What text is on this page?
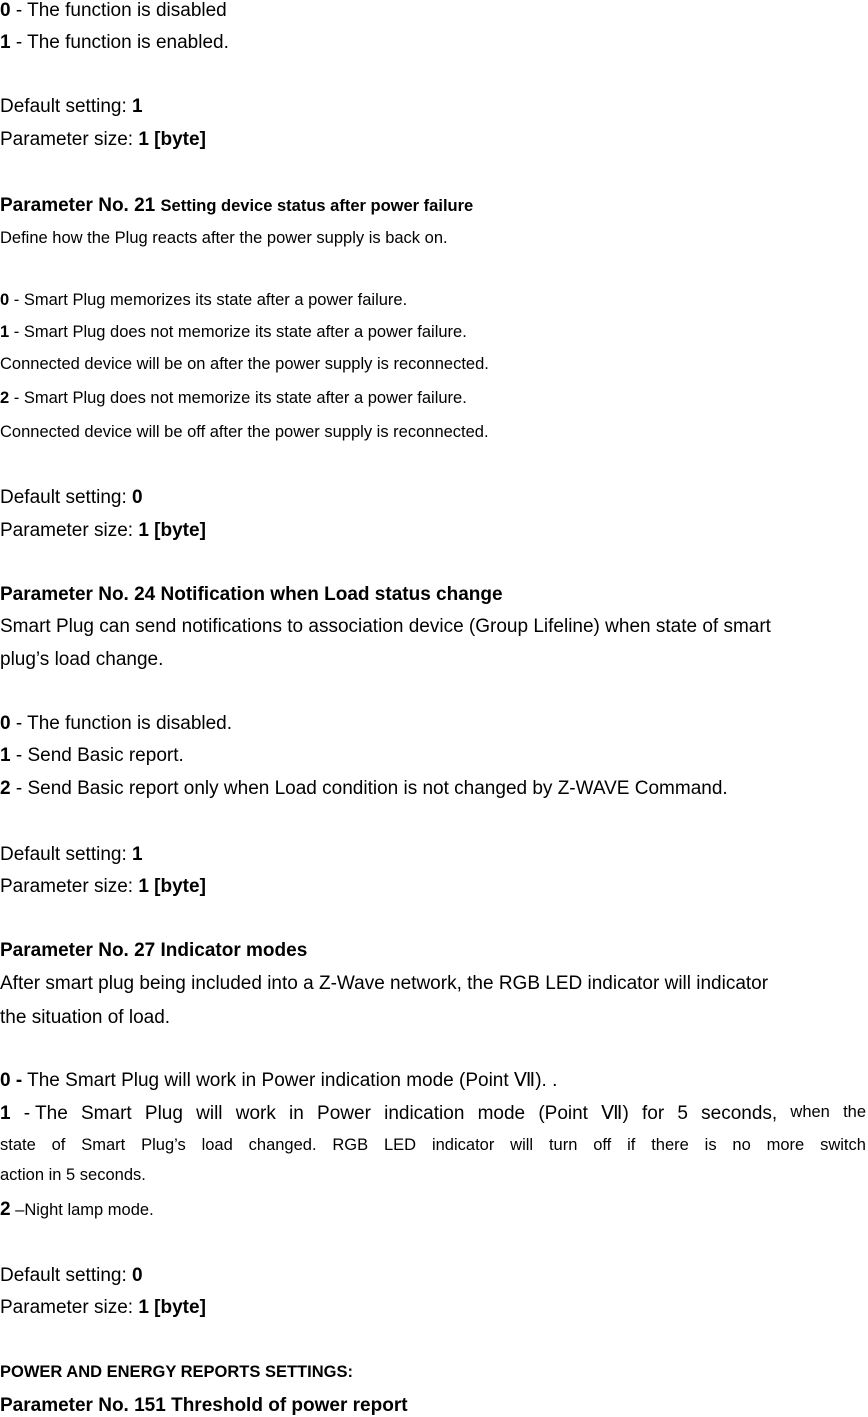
0 - The function is disabled
1 - The function is enabled.
Default setting: 1
Parameter size: 1 [byte]
Parameter No. 21 Setting device status after power failure
Define how the Plug reacts after the power supply is back on.
0 - Smart Plug memorizes its state after a power failure.
1 - Smart Plug does not memorize its state after a power failure.
Connected device will be on after the power supply is reconnected.
2 - Smart Plug does not memorize its state after a power failure.
Connected device will be off after the power supply is reconnected.
Default setting: 0
Parameter size: 1 [byte]
Parameter No. 24 Notification when Load status change
Smart Plug can send notifications to association device (Group Lifeline) when state of smart
plug’s load change.
0 - The function is disabled.
1 - Send Basic report.
2 - Send Basic report only when Load condition is not changed by Z-WAVE Command.
Default setting: 1
Parameter size: 1 [byte]
Parameter No. 27 Indicator modes
After smart plug being included into a Z-Wave network, the RGB LED indicator will indicator
the situation of load.
0 - The Smart Plug will work in Power indication mode (Point Ⅶ). .
1 - The Smart Plug will work in Power indication mode (Point Ⅶ) for 5 seconds, when the
state of Smart Plug’s load changed. RGB LED indicator will turn off if there is no more switch
action in 5 seconds.
2 –Night lamp mode.
Default setting: 0
Parameter size: 1 [byte]
POWER AND ENERGY REPORTS SETTINGS:
Parameter No. 151 Threshold of power report
